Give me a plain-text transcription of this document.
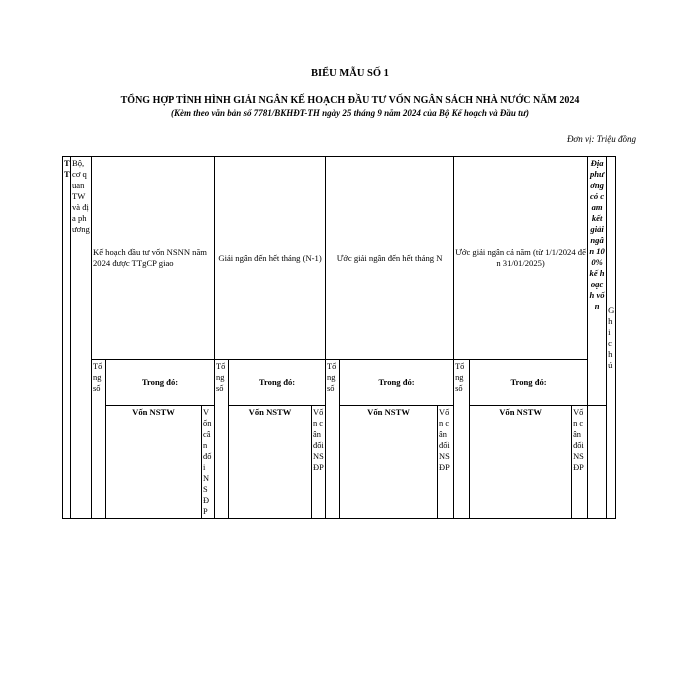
BIỂU MẪU SỐ 1
TỔNG HỢP TÌNH HÌNH GIẢI NGÂN KẾ HOẠCH ĐẦU TƯ VỐN NGÂN SÁCH NHÀ NƯỚC NĂM 2024
(Kèm theo văn bản số 7781/BKHĐT-TH ngày 25 tháng 9 năm 2024 của Bộ Kế hoạch và Đầu tư)
Đơn vị: Triệu đồng
TT	Bộ, cơ quan TW và địa phương	Kế hoạch đầu tư vốn NSNN năm 2024 được TTgCP giao			Giải ngân đến hết tháng (N-1)			Ước giải ngân đến hết tháng N			Ước giải ngân cả năm (từ 1/1/2024 đến 31/01/2025)			Địa phương có cam kết giải ngân 100% kế hoạch vốn	Ghi chú
		Tổng số	Trong đó:		Tổng số	Trong đó:		Tổng số	Trong đó:		Tổng số	Trong đó:			
			Vốn NSTW	Vốn cân đối NSĐP		Vốn NSTW	Vốn cân đối NSĐP		Vốn NSTW	Vốn cân đối NSĐP		Vốn NSTW	Vốn cân đối NSĐP		
